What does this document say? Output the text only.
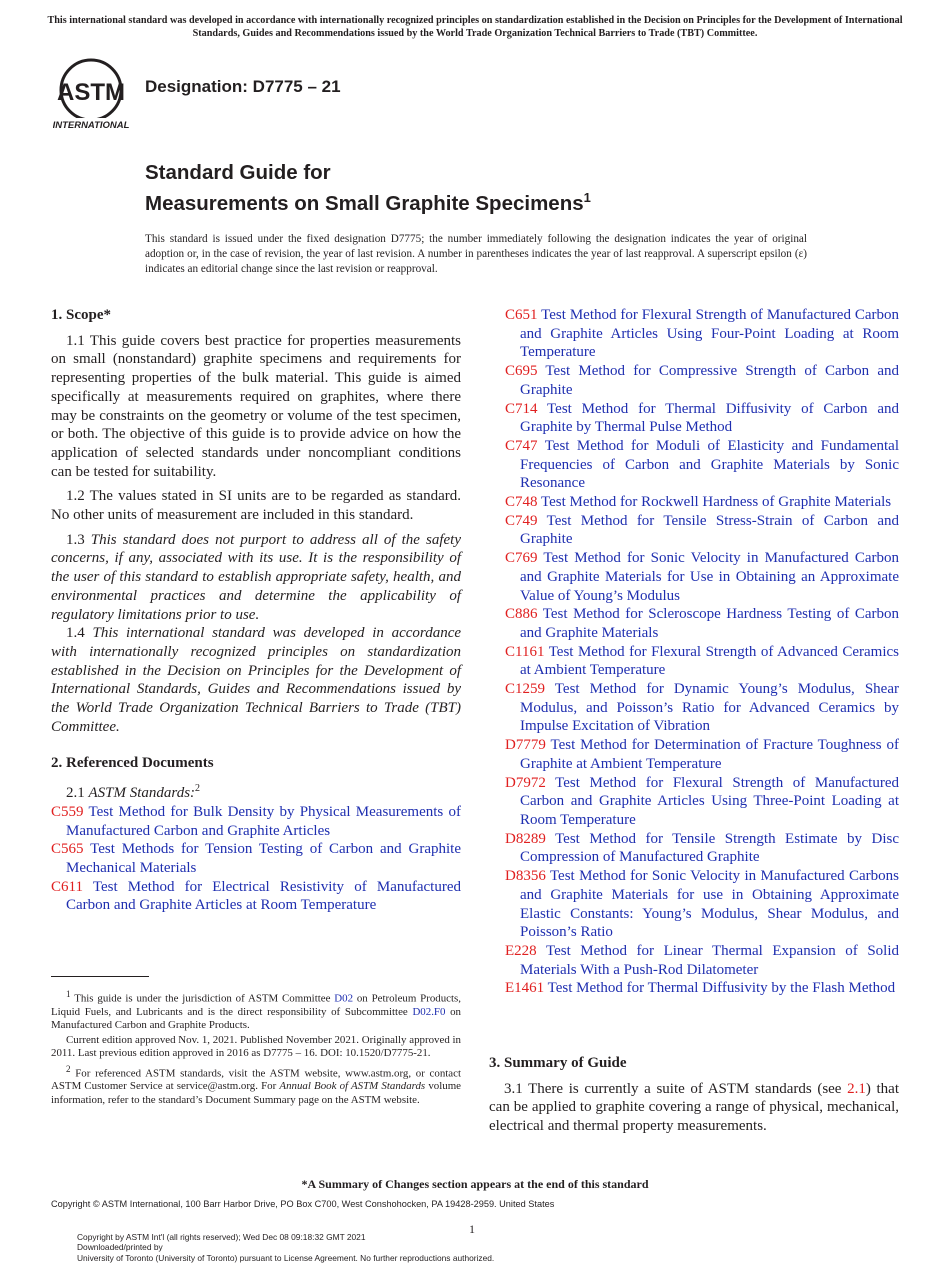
This international standard was developed in accordance with internationally recognized principles on standardization established in the Decision on Principles for the Development of International Standards, Guides and Recommendations issued by the World Trade Organization Technical Barriers to Trade (TBT) Committee.
ASTM
INTERNATIONAL
Designation: D7775 – 21
Standard Guide for
Measurements on Small Graphite Specimens$^1$
This standard is issued under the fixed designation D7775; the number immediately following the designation indicates the year of original adoption or, in the case of revision, the year of last revision. A number in parentheses indicates the year of last reapproval. A superscript epsilon (ε) indicates an editorial change since the last revision or reapproval.
1. Scope*

1.1 This guide covers best practice for properties measurements on small (nonstandard) graphite specimens and requirements for representing properties of the bulk material. This guide is aimed specifically at measurements required on graphites, where there may be constraints on the geometry or volume of the test specimen, or both. The objective of this guide is to provide advice on how the application of selected standards under noncompliant conditions can be tested for suitability.

1.2 The values stated in SI units are to be regarded as standard. No other units of measurement are included in this standard.

1.3 This standard does not purport to address all of the safety concerns, if any, associated with its use. It is the responsibility of the user of this standard to establish appropriate safety, health, and environmental practices and determine the applicability of regulatory limitations prior to use.

1.4 This international standard was developed in accordance with internationally recognized principles on standardization established in the Decision on Principles for the Development of International Standards, Guides and Recommendations issued by the World Trade Organization Technical Barriers to Trade (TBT) Committee.

2. Referenced Documents

2.1 ASTM Standards:$^2$

C559 Test Method for Bulk Density by Physical Measurements of Manufactured Carbon and Graphite Articles
C565 Test Methods for Tension Testing of Carbon and Graphite Mechanical Materials
C611 Test Method for Electrical Resistivity of Manufactured Carbon and Graphite Articles at Room Temperature
C651 Test Method for Flexural Strength of Manufactured Carbon and Graphite Articles Using Four-Point Loading at Room Temperature
C695 Test Method for Compressive Strength of Carbon and Graphite
C714 Test Method for Thermal Diffusivity of Carbon and Graphite by Thermal Pulse Method
C747 Test Method for Moduli of Elasticity and Fundamental Frequencies of Carbon and Graphite Materials by Sonic Resonance
C748 Test Method for Rockwell Hardness of Graphite Materials
C749 Test Method for Tensile Stress-Strain of Carbon and Graphite
C769 Test Method for Sonic Velocity in Manufactured Carbon and Graphite Materials for Use in Obtaining an Approximate Value of Young’s Modulus
C886 Test Method for Scleroscope Hardness Testing of Carbon and Graphite Materials
C1161 Test Method for Flexural Strength of Advanced Ceramics at Ambient Temperature
C1259 Test Method for Dynamic Young’s Modulus, Shear Modulus, and Poisson’s Ratio for Advanced Ceramics by Impulse Excitation of Vibration
D7779 Test Method for Determination of Fracture Toughness of Graphite at Ambient Temperature
D7972 Test Method for Flexural Strength of Manufactured Carbon and Graphite Articles Using Three-Point Loading at Room Temperature
D8289 Test Method for Tensile Strength Estimate by Disc Compression of Manufactured Graphite
D8356 Test Method for Sonic Velocity in Manufactured Carbons and Graphite Materials for use in Obtaining Approximate Elastic Constants: Young’s Modulus, Shear Modulus, and Poisson’s Ratio
E228 Test Method for Linear Thermal Expansion of Solid Materials With a Push-Rod Dilatometer
E1461 Test Method for Thermal Diffusivity by the Flash Method
3. Summary of Guide

3.1 There is currently a suite of ASTM standards (see 2.1) that can be applied to graphite covering a range of physical, mechanical, electrical and thermal property measurements.

$^1$ This guide is under the jurisdiction of ASTM Committee D02 on Petroleum Products, Liquid Fuels, and Lubricants and is the direct responsibility of Subcommittee D02.F0 on Manufactured Carbon and Graphite Products.

Current edition approved Nov. 1, 2021. Published November 2021. Originally approved in 2011. Last previous edition approved in 2016 as D7775 – 16. DOI: 10.1520/D7775-21.

$^2$ For referenced ASTM standards, visit the ASTM website, www.astm.org, or contact ASTM Customer Service at service@astm.org. For Annual Book of ASTM Standards volume information, refer to the standard’s Document Summary page on the ASTM website.

*A Summary of Changes section appears at the end of this standard
Copyright © ASTM International, 100 Barr Harbor Drive, PO Box C700, West Conshohocken, PA 19428-2959. United States
1
Copyright by ASTM Int'l (all rights reserved); Wed Dec 08 09:18:32 GMT 2021
Downloaded/printed by
University of Toronto (University of Toronto) pursuant to License Agreement. No further reproductions authorized.
